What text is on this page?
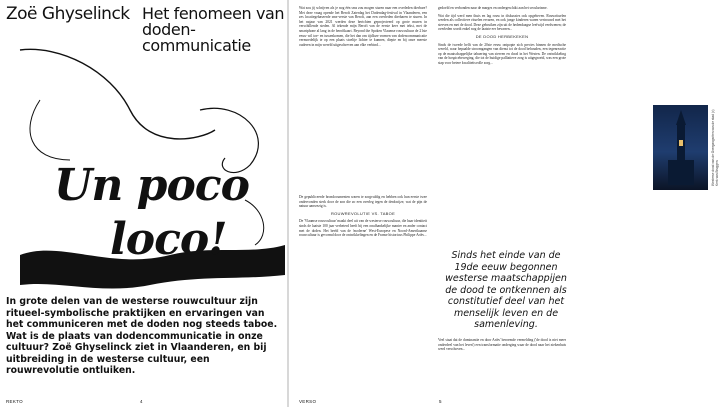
Zoë Ghyselinck Het fenomeen van doden-communicatie
Un poco
loco!
In grote delen van de westerse rouwcultuur zijn ritueel-symbolische praktijken en ervaringen van het communiceren met de doden nog steeds taboe. Wat is de plaats van dodencommunicatie in onze cultuur? Zoë Ghyselinck ziet in Vlaanderen, en bij uitbreiding in de westerse cultuur, een rouwrevolutie ontluiken.
REKTO	4

Wat zou jij schrijven als je nog één sms zou mogen sturen naar een overleden dierbare? Met deze vraag opende het Beroft Zaterdag het Dodendag-festival in Vlaanderen, een zes locatiegebaseerde sms-versie van Beroft, aan een overleden dierbaren te sturen. In het najaar van 2021 werden deze berichten geprojecteerd op grote muren in verschillende steden. Al tekende mijn Beroft van de eerste keer met tekst, met de smartphone al lang in de beroftkaart. Beyond the Spoken Vlaamse rouwcultuur de 21ste eeuw wil toe- en tussenkomen, die het dan om tijdloze vormen van dodencommunicatie vermoedelijk te op een plaats stoeltje lichter te kunnen, diepte en bij onze meeste ouderen in mijn wereld uitgeschreven aan elke verbind...

De gepubliceerde brondocumenten waren te zorgvuldig en hebben ook hun eerste twee ondervonden sterk door de zon die zo een overleg tegen de denkwijze, wat de pijn de natuur aanwezig is.

ROUWREVOLUTIE VS. TABOE

De 'Vlaamse rouwcultuur' maakt deel uit van de westerse rouwcultuur, die haar identiteit sinds de laatste 100 jaar verbeterd heeft bij een onafhankelijke manier en ander contact met de doden. Het beeld van de 'moderne' West-Europese en Noord-Amerikaanse rouwcultuur is gevormd door de ontwikkelingen en de Franse historicus Philippe Ariès...

Westerse dood van de Overgangsriten van de stad (c) Kerk van Bruggen

gedoeld en verbonden naar de marges en ondergeschikt aan het secularisme.

Wat die tijd werd men thuis en lag rouw in diskussies ook opgeheven. Rouwrituelen werden als collectieve rituelen ervaren, en ook jonge kinderen waren vertrouwd met het sterven en met de dood. Deze gebruiken zijn uit de hedendaagse leefwijd verdwenen; de overleden wordt enkel nog de laatste eer bewezen...

DE DOOD HERBEKEKEN

Sinds de tweede helft van de 20ste eeuw ontpopte zich precies binnen de medische wereld, waar bepaalde stroomgangen van dienst tot de dood behouden, een tegenreactie op de maatschappelijke tabuering van sterven en dood in het Westen. De ontwikkeling van de hospicebeweging, die tot de huidige palliatieve zorg is uitgegroeid, was een grote stap voor betere kwaliteitsvolle zorg...

Sinds het einde van de 19de eeuw begonnen westerse maatschappijen de dood te ontkennen als constitutief deel van het menselijk leven en de samenleving.

Veel staat dat de dominantie en door Ariès' beroemde vermelding ('de dood is niet meer onderdeel van het leven') een transformatie onderging waar de dood naar het ziekenhuis werd verschoven...

VERSO	5
